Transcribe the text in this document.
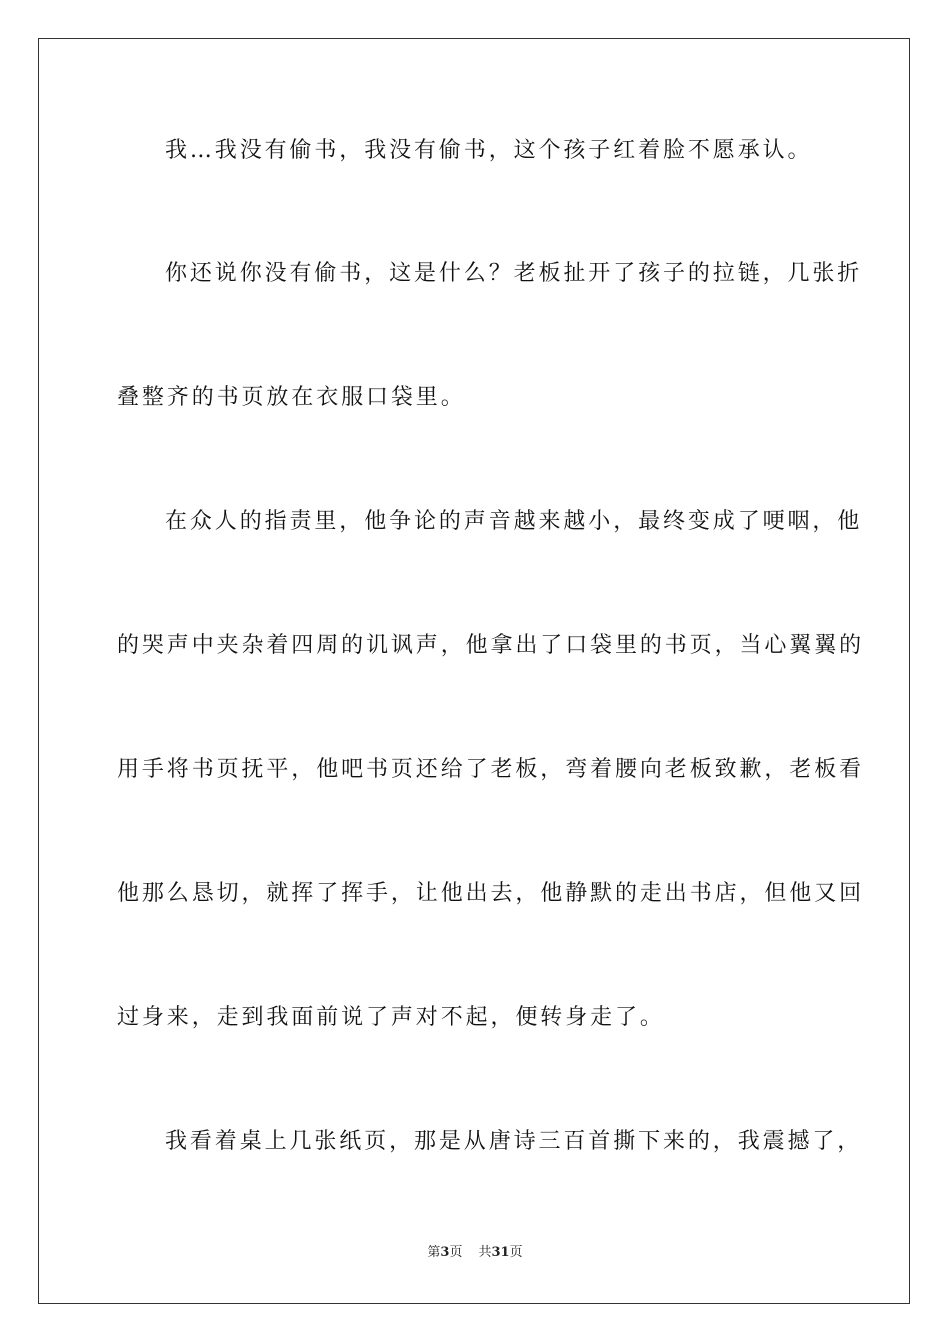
我…我没有偷书，我没有偷书，这个孩子红着脸不愿承认。
你还说你没有偷书，这是什么？老板扯开了孩子的拉链，几张折
叠整齐的书页放在衣服口袋里。
在众人的指责里，他争论的声音越来越小，最终变成了哽咽，他
的哭声中夹杂着四周的讥讽声，他拿出了口袋里的书页，当心翼翼的
用手将书页抚平，他吧书页还给了老板，弯着腰向老板致歉，老板看
他那么恳切，就挥了挥手，让他出去，他静默的走出书店，但他又回
过身来，走到我面前说了声对不起，便转身走了。
我看着桌上几张纸页，那是从唐诗三百首撕下来的，我震撼了，
第3页 共31页
